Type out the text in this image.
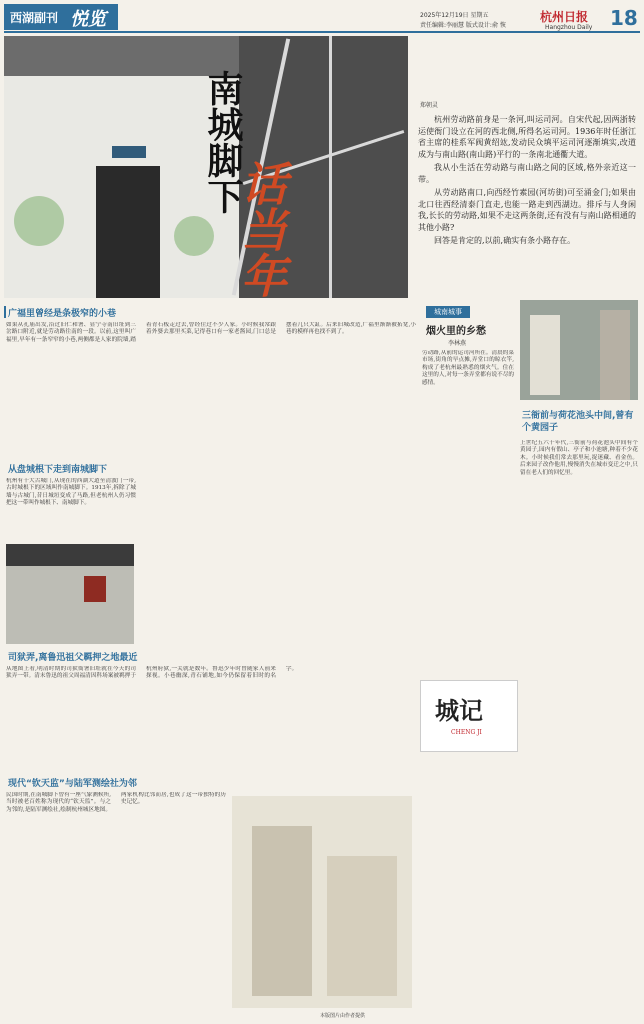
西湖副刊 悦览	2025年12月19日 星期五
责任编辑:李丽慧 版式设计:俞 恢
杭州日报
Hangzhou Daily 18
南城脚下
话当年
郑朝灵

杭州劳动路前身是一条河,叫运司河。自宋代起,因两浙转运使衙门设立在河的西北侧,所得名运司河。1936年时任浙江省主席的桂系军阀黄绍竑,发动民众填平运司河逐渐填实,改道成为与南山路(南山路)平行的一条南北通衢大道。

我从小生活在劳动路与南山路之间的区域,格外亲近这一带。

从劳动路南口,向西经竹素园(河坊街)可至涌金门;如果由北口往西经清泰门直走,也能一路走到西湖边。排斥与人身闲我,长长的劳动路,如果不走这两条街,还有没有与南山路相通的其他小路?

回答是肯定的,以前,确实有条小路存在。

广福里曾经是条极窄的小巷
如果从孔庙出发,沿过旧仁和署、显宁寺南旧址到三岔路口附近,就是劳动路往南的一段。以前,这里叫广福里,早年有一条窄窄的小巷,两侧都是人家的院墙,踏着青石板走过去,曾经住过不少人家。小时候我常跟着外婆去那里买菜,记得巷口有一家老酱园,门口总是摆着几只大缸。后来旧城改造,广福里渐渐被拓宽,小巷的模样再也找不到了。
从盘城根下走到南城脚下
杭州有十大古城门,从现在的西湖大道至清波门一带,古时城根下的区域叫作南城脚下。1913年,拆除了城墙与古城门,昔日城垣变成了马路,但老杭州人仍习惯把这一带叫作城根下、南城脚下。
司狱弄,离鲁迅祖父羁押之地最近
从地图上看,明清时期的司狱衙署旧址就在今天的司狱弄一带。清末鲁迅的祖父周福清因科场案被羁押于杭州府狱,一关就是数年。鲁迅少年时曾随家人前来探视。小巷幽深,青石铺地,如今仍保留着旧时的名字。
现代“钦天监”与陆军测绘社为邻
民国时期,在南城脚下曾有一座气象测候所,当时被老百姓称为现代的“钦天监”。与之为邻的,是陆军测绘社,绘制杭州城区地图。两家机构比邻而居,也成了这一带独特的历史记忆。
本版图片由作者提供
城南城事
烟火里的乡愁
李林燕
劳动路,从前的运司河所在。清晨的菜市场,街角的早点摊,弄堂口的晾衣竿,构成了老杭州最熟悉的烟火气。住在这里的人,对每一条弄堂都有说不尽的感情。
城记
CHENG JI
三衙前与荷花池头中间,曾有个黄园子
上世纪五六十年代,三衙前与荷花池头中间有个黄园子,园内有假山、亭子和小池塘,种着不少花木。小时候我们常去那里玩,捉迷藏、看金鱼。后来园子改作他用,慢慢消失在城市变迁之中,只留在老人们的回忆里。
